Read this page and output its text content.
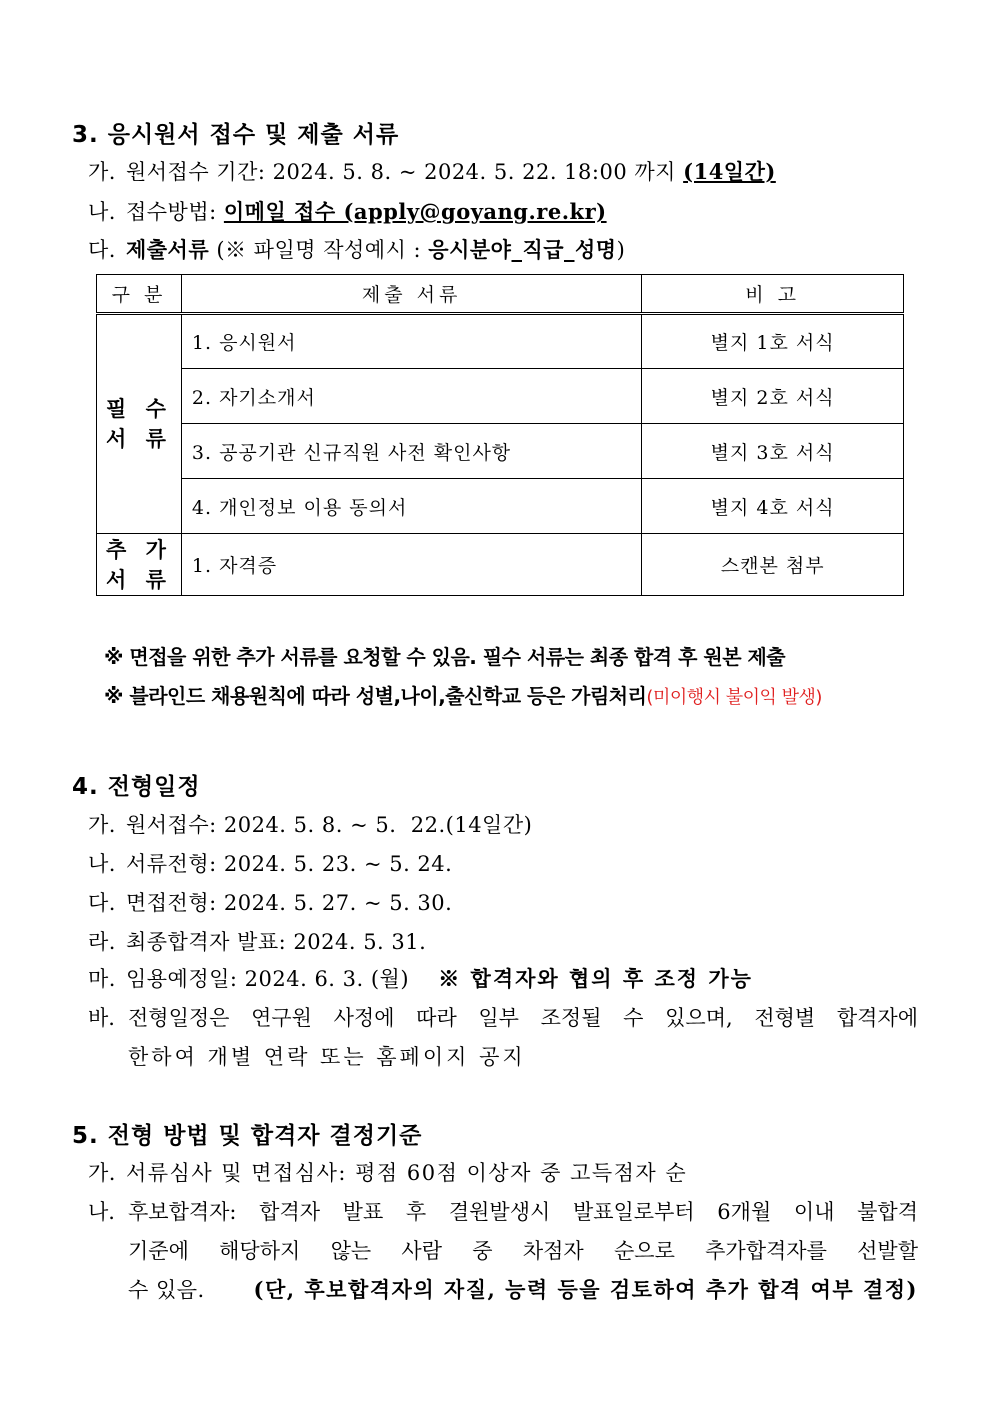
3. 응시원서 접수 및 제출 서류
가. 원서접수 기간: 2024. 5. 8. ~ 2024. 5. 22. 18:00 까지 (14일간)
나. 접수방법: 이메일 접수 (apply@goyang.re.kr)
다. 제출서류 (※ 파일명 작성예시 : 응시분야_직급_성명)
구 분	제출 서류	비 고

필 수
서 류	1. 응시원서	별지 1호 서식
	2. 자기소개서	별지 2호 서식
	3. 공공기관 신규직원 사전 확인사항	별지 3호 서식
	4. 개인정보 이용 동의서	별지 4호 서식

추 가
서 류	1. 자격증	스캔본 첨부
※ 면접을 위한 추가 서류를 요청할 수 있음. 필수 서류는 최종 합격 후 원본 제출
※ 블라인드 채용원칙에 따라 성별,나이,출신학교 등은 가림처리(미이행시 불이익 발생)
4. 전형일정
가. 원서접수: 2024. 5. 8. ~ 5.  22.(14일간)
나. 서류전형: 2024. 5. 23. ~ 5. 24.
다. 면접전형: 2024. 5. 27. ~ 5. 30.
라. 최종합격자 발표: 2024. 5. 31.
마. 임용예정일: 2024. 6. 3. (월) ※ 합격자와 협의 후 조정 가능
바. 전형일정은 연구원 사정에 따라 일부 조정될 수 있으며, 전형별 합격자에
한하여 개별 연락 또는 홈페이지 공지
5. 전형 방법 및 합격자 결정기준
가. 서류심사 및 면접심사: 평점 60점 이상자 중 고득점자 순
나. 후보합격자: 합격자 발표 후 결원발생시 발표일로부터 6개월 이내 불합격
기준에 해당하지 않는 사람 중 차점자 순으로 추가합격자를 선발할
수 있음. (단, 후보합격자의 자질, 능력 등을 검토하여 추가 합격 여부 결정)
